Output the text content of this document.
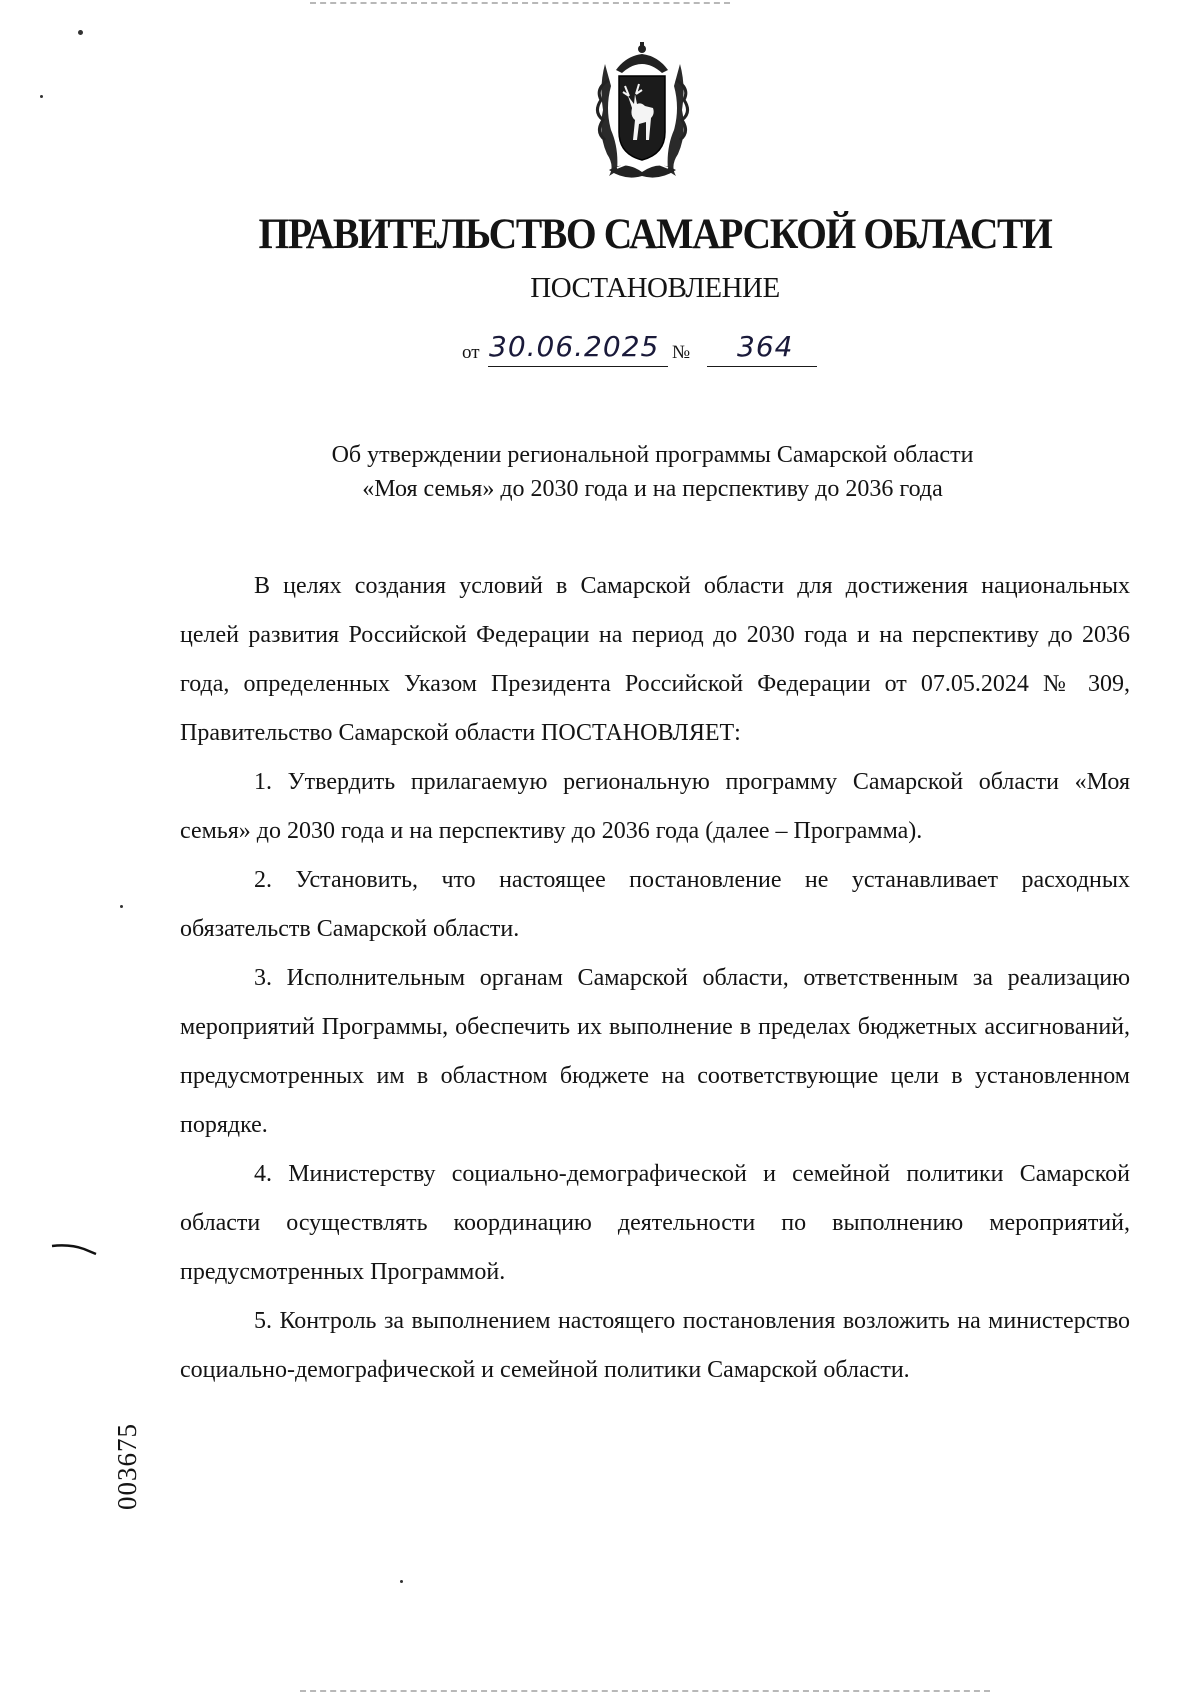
ПРАВИТЕЛЬСТВО САМАРСКОЙ ОБЛАСТИ
ПОСТАНОВЛЕНИЕ
от 30.06.2025 № 364
Об утверждении региональной программы Самарской области
«Моя семья» до 2030 года и на перспективу до 2036 года

В целях создания условий в Самарской области для достижения национальных целей развития Российской Федерации на период до 2030 года и на перспективу до 2036 года, определенных Указом Президента Российской Федерации от 07.05.2024 № 309, Правительство Самарской области ПОСТАНОВЛЯЕТ:

1. Утвердить прилагаемую региональную программу Самарской области «Моя семья» до 2030 года и на перспективу до 2036 года (далее – Программа).

2. Установить, что настоящее постановление не устанавливает расходных обязательств Самарской области.

3. Исполнительным органам Самарской области, ответственным за реализацию мероприятий Программы, обеспечить их выполнение в пределах бюджетных ассигнований, предусмотренных им в областном бюджете на соответствующие цели в установленном порядке.

4. Министерству социально-демографической и семейной политики Самарской области осуществлять координацию деятельности по выполнению мероприятий, предусмотренных Программой.

5. Контроль за выполнением настоящего постановления возложить на министерство социально-демографической и семейной политики Самарской области.

003675
